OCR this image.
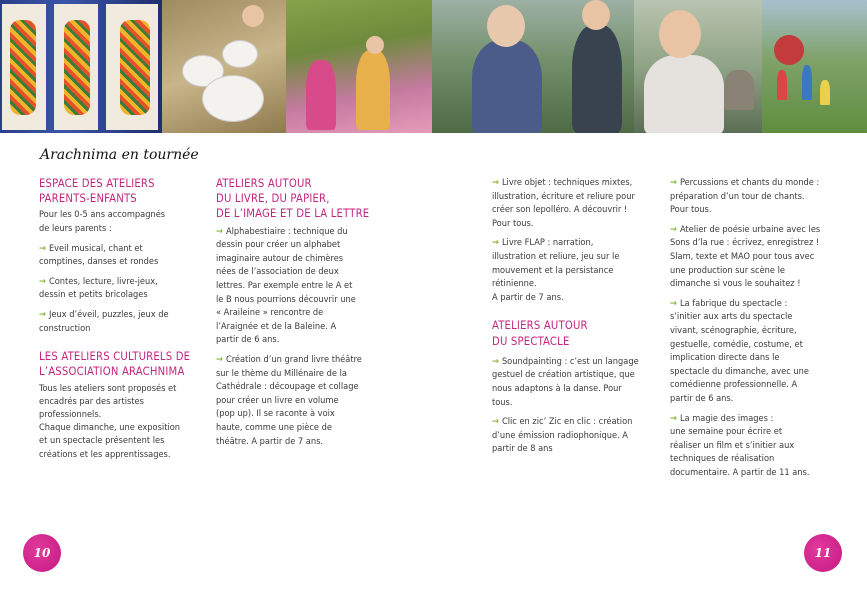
Arachnima en tournée
ESPACE DES ATELIERS
PARENTS-ENFANTS

Pour les 0-5 ans accompagnés
de leurs parents :

→ Eveil musical, chant et
comptines, danses et rondes

→ Contes, lecture, livre-jeux,
dessin et petits bricolages

→ Jeux d’éveil, puzzles, jeux de
construction

LES ATELIERS CULTURELS DE
L’ASSOCIATION ARACHNIMA

Tous les ateliers sont proposés et
encadrés par des artistes
professionnels.
Chaque dimanche, une exposition
et un spectacle présentent les
créations et les apprentissages.

ATELIERS AUTOUR
DU LIVRE, DU PAPIER,
DE L’IMAGE ET DE LA LETTRE

→ Alphabestiaire : technique du
dessin pour créer un alphabet
imaginaire autour de chimères
nées de l’association de deux
lettres. Par exemple entre le A et
le B nous pourrions découvrir une
« Araileine » rencontre de
l’Araignée et de la Baleine. A
partir de 6 ans.

→ Création d’un grand livre théâtre
sur le thème du Millénaire de la
Cathédrale : découpage et collage
pour créer un livre en volume
(pop up). Il se raconte à voix
haute, comme une pièce de
théâtre. A partir de 7 ans.

→ Livre objet : techniques mixtes,
illustration, écriture et reliure pour
créer son lepolléro. A découvrir !
Pour tous.

→ Livre FLAP : narration,
illustration et reliure, jeu sur le
mouvement et la persistance
rétinienne.
A partir de 7 ans.

ATELIERS AUTOUR
DU SPECTACLE

→ Soundpainting : c’est un langage
gestuel de création artistique, que
nous adaptons à la danse. Pour
tous.

→ Clic en zic’ Zic en clic : création
d’une émission radiophonique. A
partir de 8 ans

→ Percussions et chants du monde :
préparation d’un tour de chants.
Pour tous.

→ Atelier de poésie urbaine avec les
Sons d’la rue : écrivez, enregistrez !
Slam, texte et MAO pour tous avec
une production sur scène le
dimanche si vous le souhaitez !

→ La fabrique du spectacle :
s’initier aux arts du spectacle
vivant, scénographie, écriture,
gestuelle, comédie, costume, et
implication directe dans le
spectacle du dimanche, avec une
comédienne professionnelle. A
partir de 6 ans.

→ La magie des images :
une semaine pour écrire et
réaliser un film et s’initier aux
techniques de réalisation
documentaire. A partir de 11 ans.

10	11
